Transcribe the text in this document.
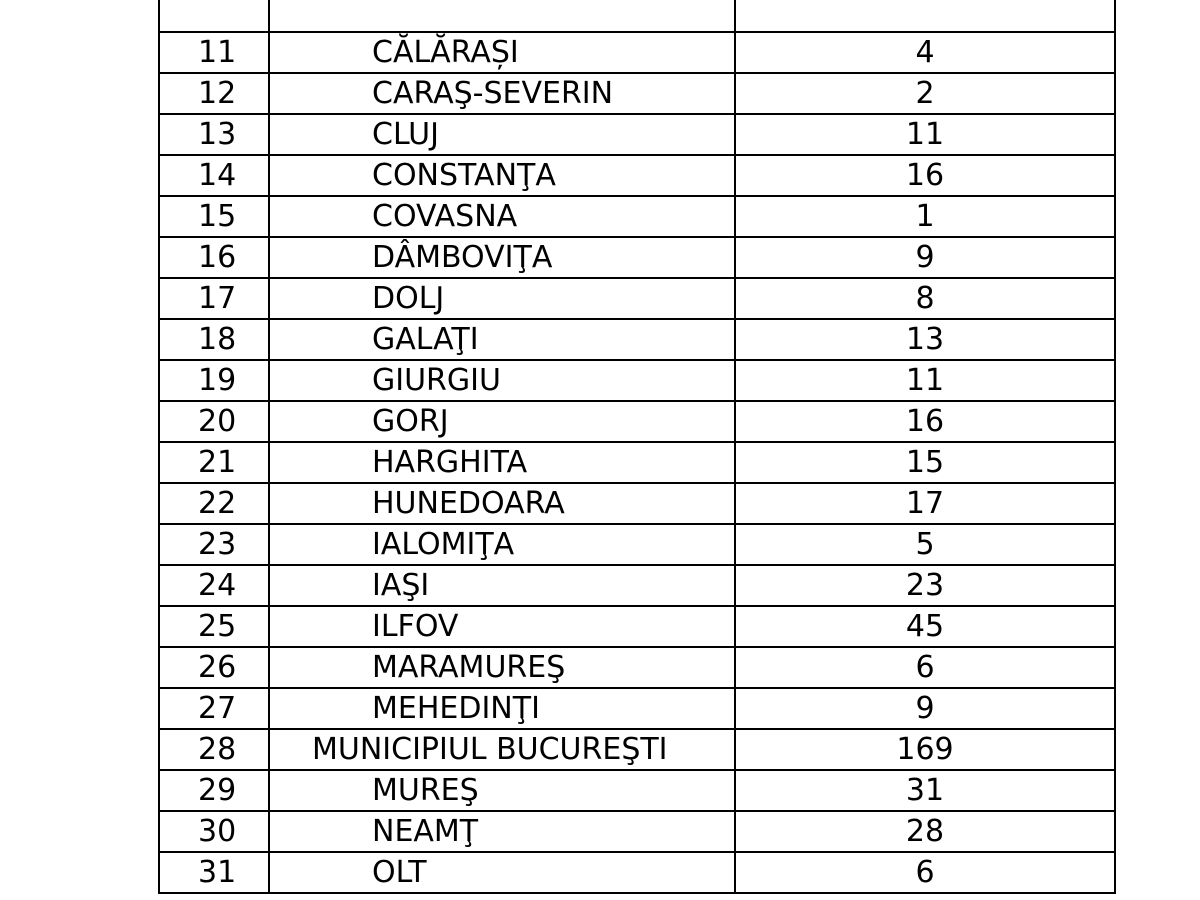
11	CĂLĂRAȘI	4
12	CARAŞ-SEVERIN	2
13	CLUJ	11
14	CONSTANŢA	16
15	COVASNA	1
16	DÂMBOVIŢA	9
17	DOLJ	8
18	GALAŢI	13
19	GIURGIU	11
20	GORJ	16
21	HARGHITA	15
22	HUNEDOARA	17
23	IALOMIŢA	5
24	IAŞI	23
25	ILFOV	45
26	MARAMUREŞ	6
27	MEHEDINŢI	9
28	MUNICIPIUL BUCUREŞTI	169
29	MUREŞ	31
30	NEAMŢ	28
31	OLT	6
